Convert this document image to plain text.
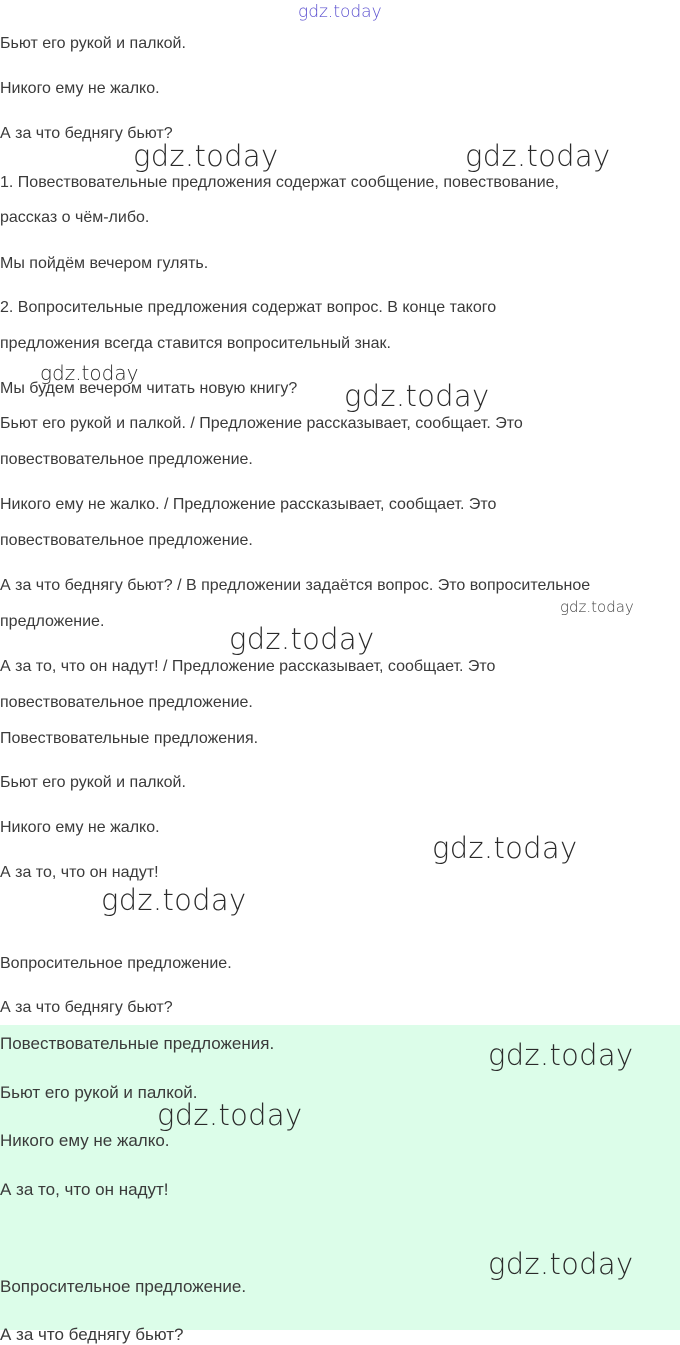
gdz.today
Бьют его рукой и палкой.
Никого ему не жалко.
А за что беднягу бьют?
1. Повествовательные предложения содержат сообщение, повествование,
рассказ о чём-либо.
Мы пойдём вечером гулять.
2. Вопросительные предложения содержат вопрос. В конце такого
предложения всегда ставится вопросительный знак.
Мы будем вечером читать новую книгу?
Бьют его рукой и палкой. / Предложение рассказывает, сообщает. Это
повествовательное предложение.
Никого ему не жалко. / Предложение рассказывает, сообщает. Это
повествовательное предложение.
А за что беднягу бьют? / В предложении задаётся вопрос. Это вопросительное
предложение.
А за то, что он надут! / Предложение рассказывает, сообщает. Это
повествовательное предложение.
Повествовательные предложения.
Бьют его рукой и палкой.
Никого ему не жалко.
А за то, что он надут!
Вопросительное предложение.
А за что беднягу бьют?
Повествовательные предложения.
Бьют его рукой и палкой.
Никого ему не жалко.
А за то, что он надут!
Вопросительное предложение.
А за что беднягу бьют?
gdz.today	gdz.today
gdz.today
gdz.today
gdz.today
gdz.today
gdz.today
gdz.today
gdz.today
gdz.today
gdz.today
